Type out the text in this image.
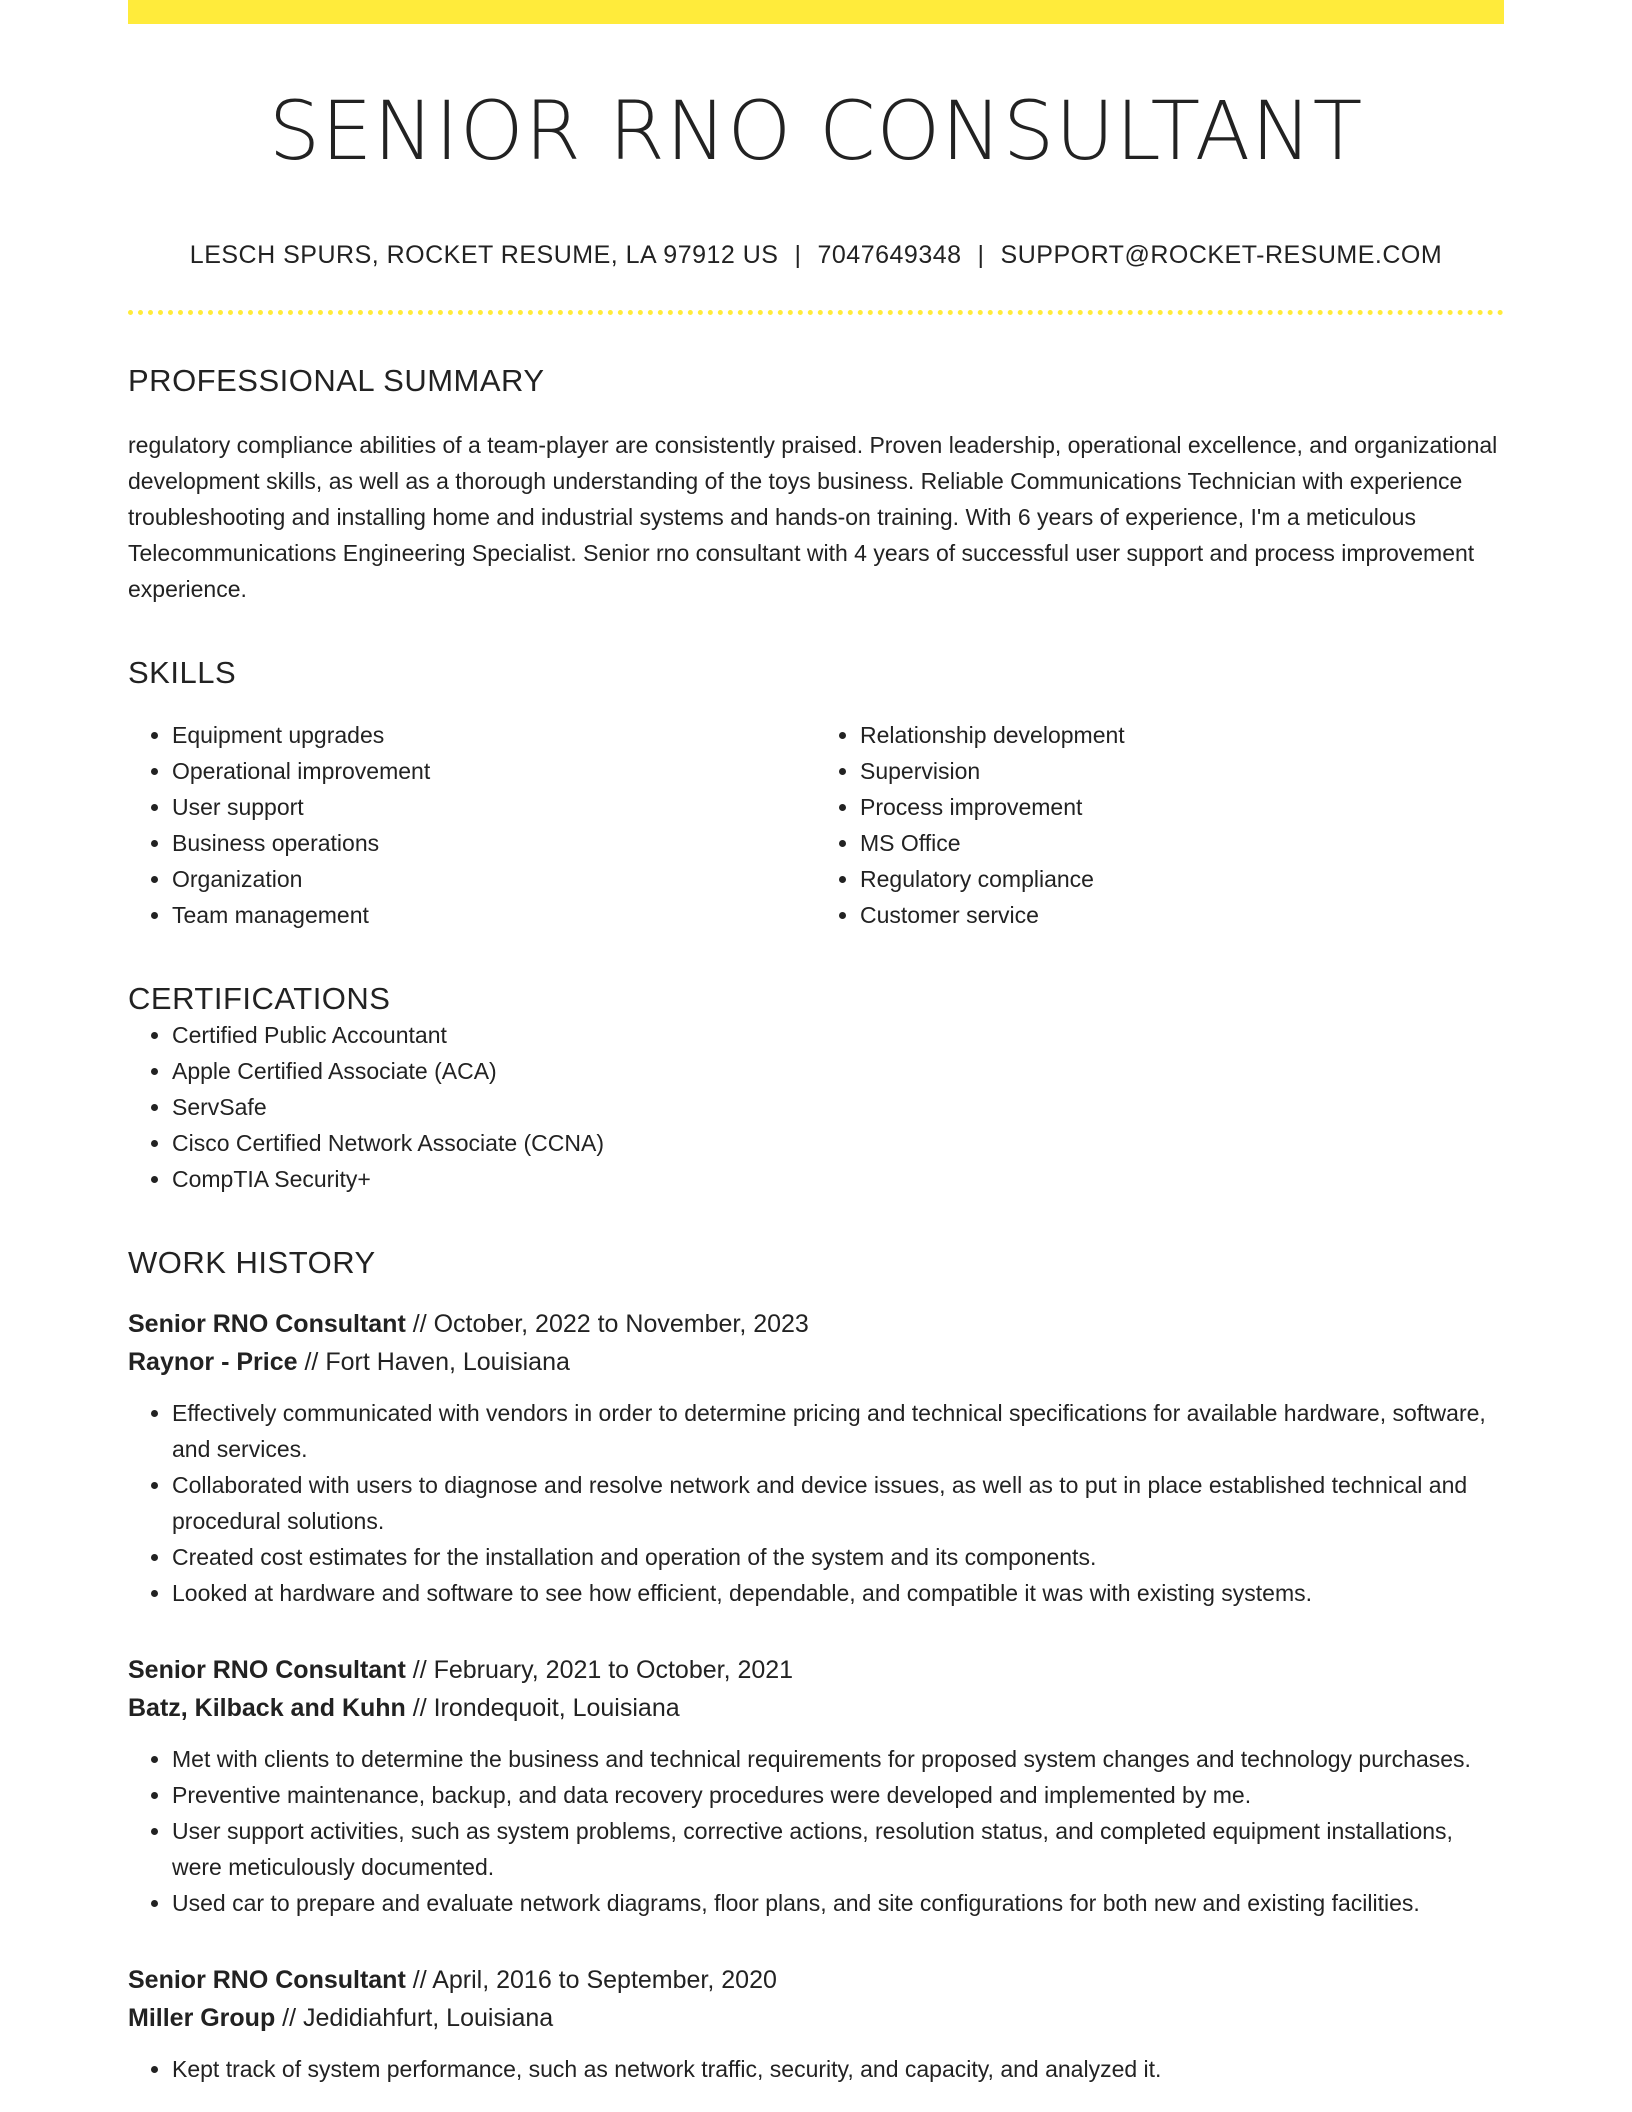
SENIOR RNO CONSULTANT
LESCH SPURS, ROCKET RESUME, LA 97912 US | 7047649348 | SUPPORT@ROCKET-RESUME.COM
PROFESSIONAL SUMMARY
regulatory compliance abilities of a team-player are consistently praised. Proven leadership, operational excellence, and organizational development skills, as well as a thorough understanding of the toys business. Reliable Communications Technician with experience troubleshooting and installing home and industrial systems and hands-on training. With 6 years of experience, I'm a meticulous Telecommunications Engineering Specialist. Senior rno consultant with 4 years of successful user support and process improvement experience.
SKILLS
• Equipment upgrades
• Operational improvement
• User support
• Business operations
• Organization
• Team management
• Relationship development
• Supervision
• Process improvement
• MS Office
• Regulatory compliance
• Customer service
CERTIFICATIONS
• Certified Public Accountant
• Apple Certified Associate (ACA)
• ServSafe
• Cisco Certified Network Associate (CCNA)
• CompTIA Security+
WORK HISTORY
Senior RNO Consultant // October, 2022 to November, 2023
Raynor - Price // Fort Haven, Louisiana
• Effectively communicated with vendors in order to determine pricing and technical specifications for available hardware, software, and services.
• Collaborated with users to diagnose and resolve network and device issues, as well as to put in place established technical and procedural solutions.
• Created cost estimates for the installation and operation of the system and its components.
• Looked at hardware and software to see how efficient, dependable, and compatible it was with existing systems.
Senior RNO Consultant // February, 2021 to October, 2021
Batz, Kilback and Kuhn // Irondequoit, Louisiana
• Met with clients to determine the business and technical requirements for proposed system changes and technology purchases.
• Preventive maintenance, backup, and data recovery procedures were developed and implemented by me.
• User support activities, such as system problems, corrective actions, resolution status, and completed equipment installations, were meticulously documented.
• Used car to prepare and evaluate network diagrams, floor plans, and site configurations for both new and existing facilities.
Senior RNO Consultant // April, 2016 to September, 2020
Miller Group // Jedidiahfurt, Louisiana
• Kept track of system performance, such as network traffic, security, and capacity, and analyzed it.
